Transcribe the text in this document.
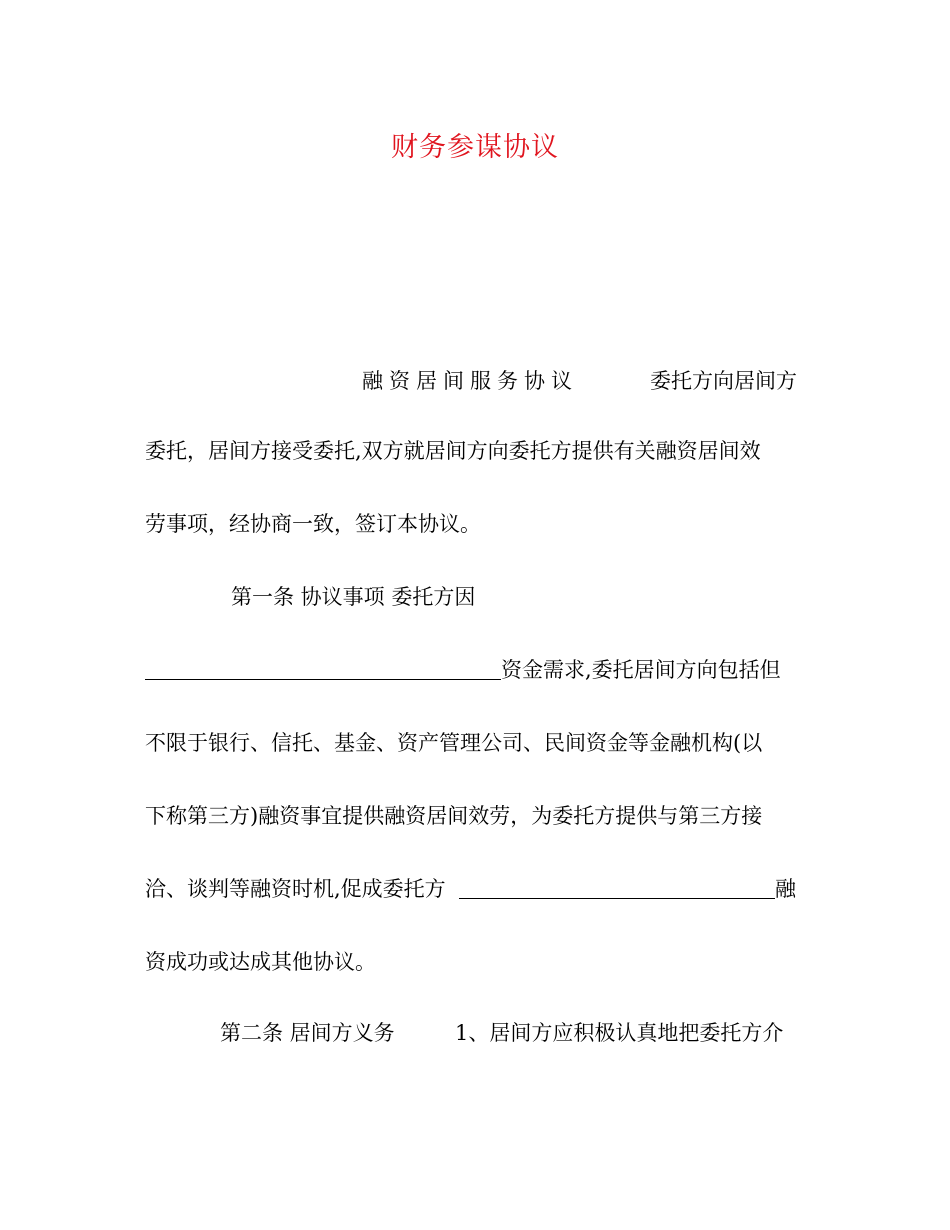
财务参谋协议
融资居间服务协议	委托方向居间方
委托，居间方接受委托,双方就居间方向委托方提供有关融资居间效
劳事项，经协商一致，签订本协议。
第一条 协议事项 委托方因
资金需求,委托居间方向包括但
不限于银行、信托、基金、资产管理公司、民间资金等金融机构(以
下称第三方)融资事宜提供融资居间效劳，为委托方提供与第三方接
洽、谈判等融资时机,促成委托方	融
资成功或达成其他协议。
第二条 居间方义务	1、居间方应积极认真地把委托方介
